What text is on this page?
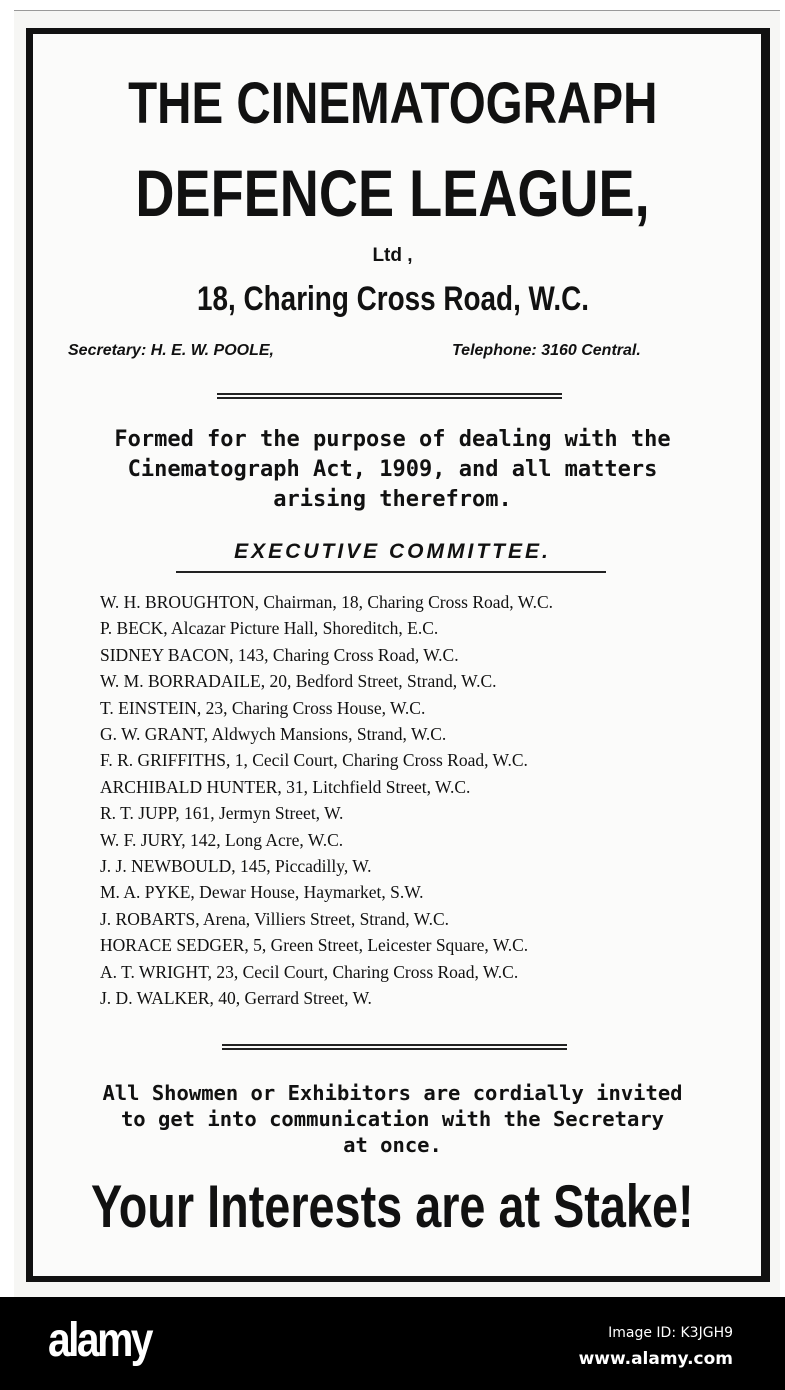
THE CINEMATOGRAPH
DEFENCE LEAGUE,
Ltd ,
18, Charing Cross Road, W.C.
Secretary: H. E. W. POOLE,	Telephone: 3160 Central.
Formed for the purpose of dealing with the
Cinematograph Act, 1909, and all matters
arising therefrom.
EXECUTIVE COMMITTEE.
W. H. BROUGHTON, Chairman, 18, Charing Cross Road, W.C.
P. BECK, Alcazar Picture Hall, Shoreditch, E.C.
SIDNEY BACON, 143, Charing Cross Road, W.C.
W. M. BORRADAILE, 20, Bedford Street, Strand, W.C.
T. EINSTEIN, 23, Charing Cross House, W.C.
G. W. GRANT, Aldwych Mansions, Strand, W.C.
F. R. GRIFFITHS, 1, Cecil Court, Charing Cross Road, W.C.
ARCHIBALD HUNTER, 31, Litchfield Street, W.C.
R. T. JUPP, 161, Jermyn Street, W.
W. F. JURY, 142, Long Acre, W.C.
J. J. NEWBOULD, 145, Piccadilly, W.
M. A. PYKE, Dewar House, Haymarket, S.W.
J. ROBARTS, Arena, Villiers Street, Strand, W.C.
HORACE SEDGER, 5, Green Street, Leicester Square, W.C.
A. T. WRIGHT, 23, Cecil Court, Charing Cross Road, W.C.
J. D. WALKER, 40, Gerrard Street, W.
All Showmen or Exhibitors are cordially invited
to get into communication with the Secretary
at once.
Your Interests are at Stake!
alamy	Image ID: K3JGH9
www.alamy.com
